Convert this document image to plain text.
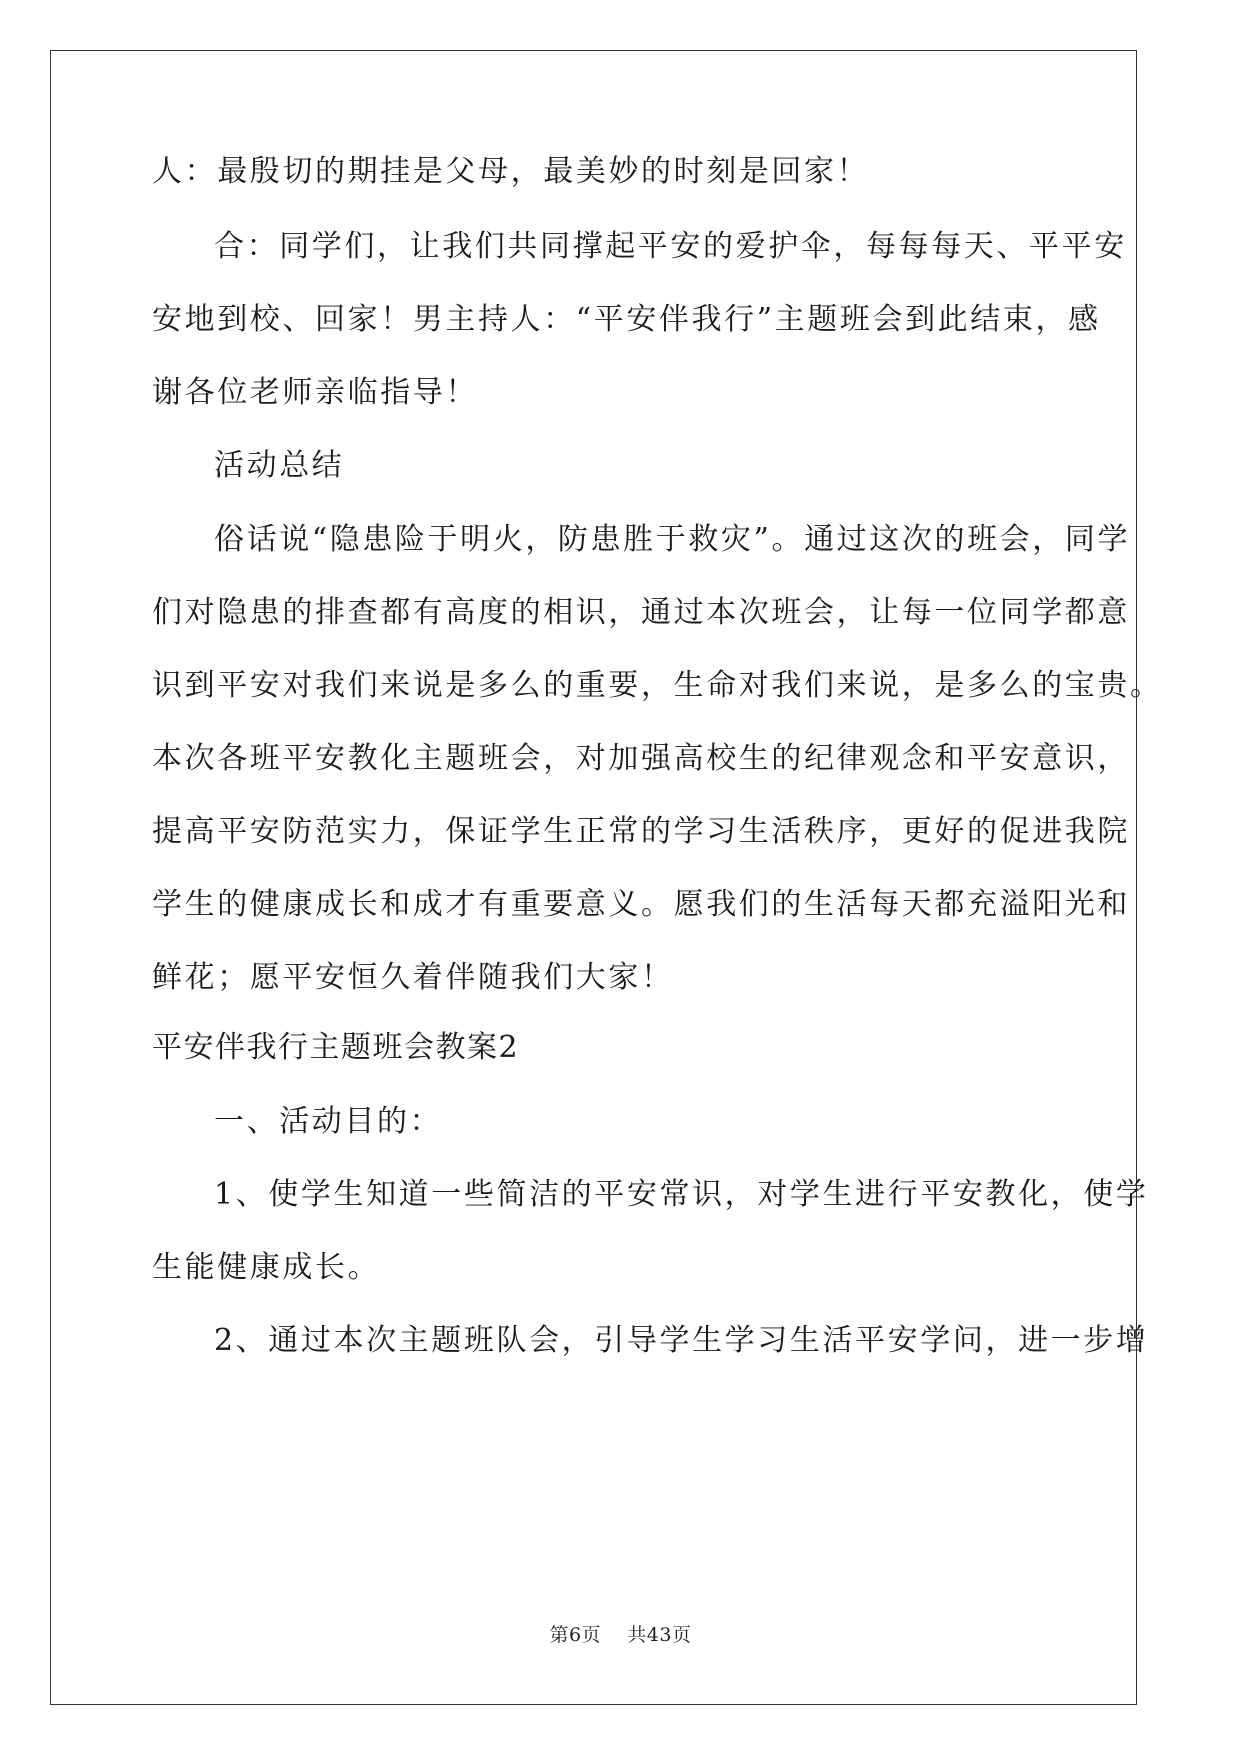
人：最殷切的期挂是父母，最美妙的时刻是回家！
合：同学们，让我们共同撑起平安的爱护伞，每每每天、平平安
安地到校、回家！男主持人：“平安伴我行”主题班会到此结束，感
谢各位老师亲临指导！
活动总结
俗话说“隐患险于明火，防患胜于救灾”。通过这次的班会，同学
们对隐患的排查都有高度的相识，通过本次班会，让每一位同学都意
识到平安对我们来说是多么的重要，生命对我们来说，是多么的宝贵。
本次各班平安教化主题班会，对加强高校生的纪律观念和平安意识，
提高平安防范实力，保证学生正常的学习生活秩序，更好的促进我院
学生的健康成长和成才有重要意义。愿我们的生活每天都充溢阳光和
鲜花；愿平安恒久着伴随我们大家！
平安伴我行主题班会教案2
一、活动目的：
1、使学生知道一些简洁的平安常识，对学生进行平安教化，使学
生能健康成长。
2、通过本次主题班队会，引导学生学习生活平安学问，进一步增
第6页 共43页
